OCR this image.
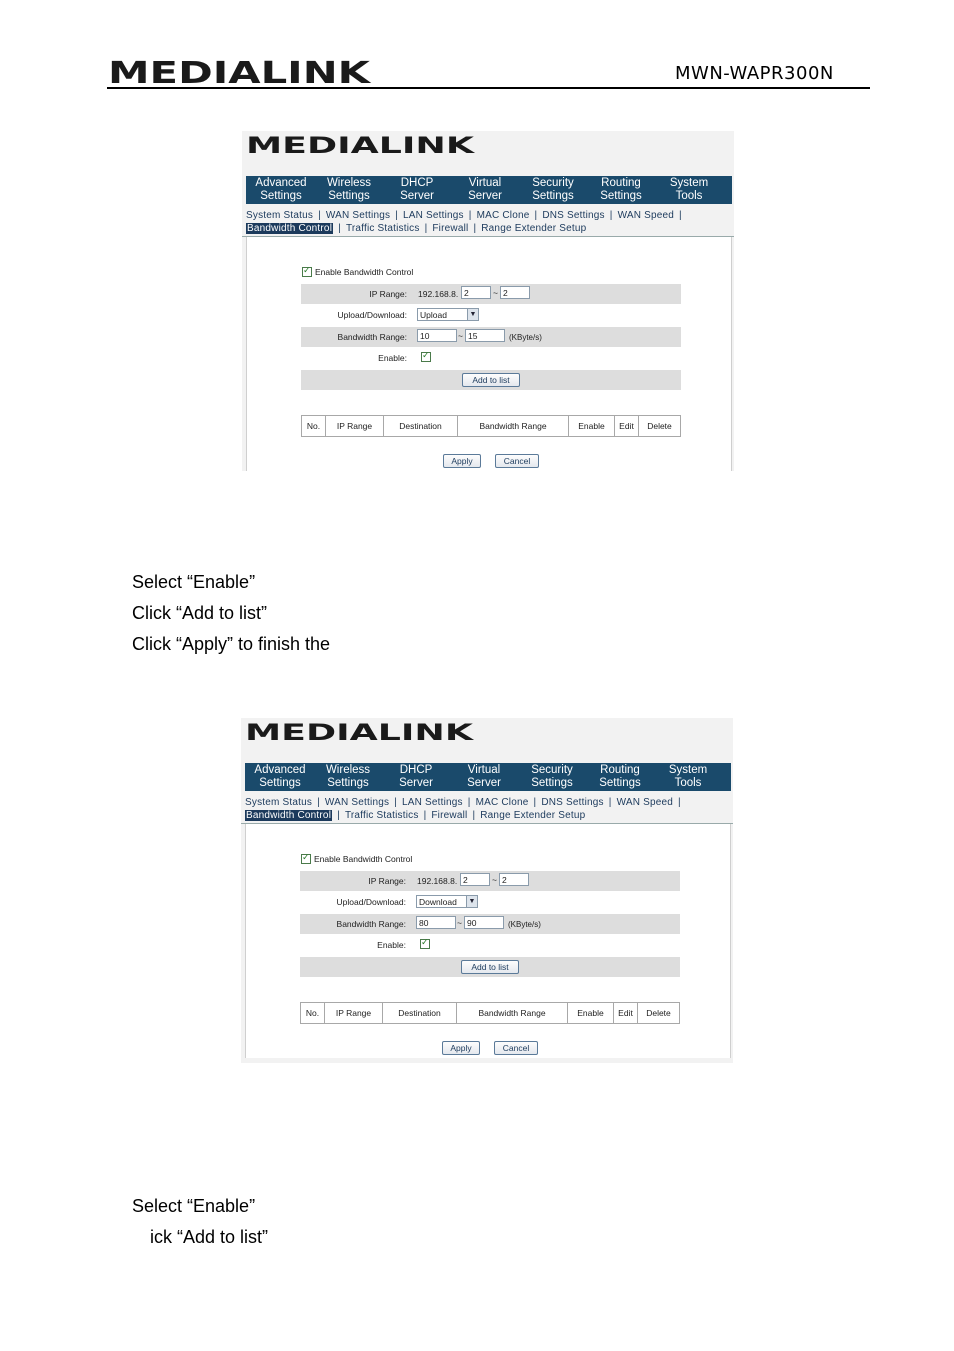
MEDIALINK	MWN-WAPR300N
MEDIALINK
Advanced
Settings
Wireless
Settings
DHCP
Server
Virtual
Server
Security
Settings
Routing
Settings
System
Tools
System Status | WAN Settings | LAN Settings | MAC Clone | DNS Settings | WAN Speed |
Bandwidth Control | Traffic Statistics | Firewall | Range Extender Setup
✓
Enable Bandwidth Control
IP Range: 192.168.8. 2	~ 2
Upload/Download:	Upload	▼
Bandwidth Range:	10	~ 15	(KByte/s)
Enable:
✓
Add to list
No.	IP Range	Destination	Bandwidth Range	Enable	Edit	Delete
Apply	Cancel
Select “Enable”
Click “Add to list”
Click “Apply” to finish the
MEDIALINK
Advanced
Settings
Wireless
Settings
DHCP
Server
Virtual
Server
Security
Settings
Routing
Settings
System
Tools
System Status | WAN Settings | LAN Settings | MAC Clone | DNS Settings | WAN Speed |
Bandwidth Control | Traffic Statistics | Firewall | Range Extender Setup
✓
Enable Bandwidth Control
IP Range: 192.168.8. 2	~ 2
Upload/Download:	Download	▼
Bandwidth Range:	80	~ 90	(KByte/s)
Enable:
✓
Add to list
No.	IP Range	Destination	Bandwidth Range	Enable	Edit	Delete
Apply	Cancel
Select “Enable”
ick “Add to list”
